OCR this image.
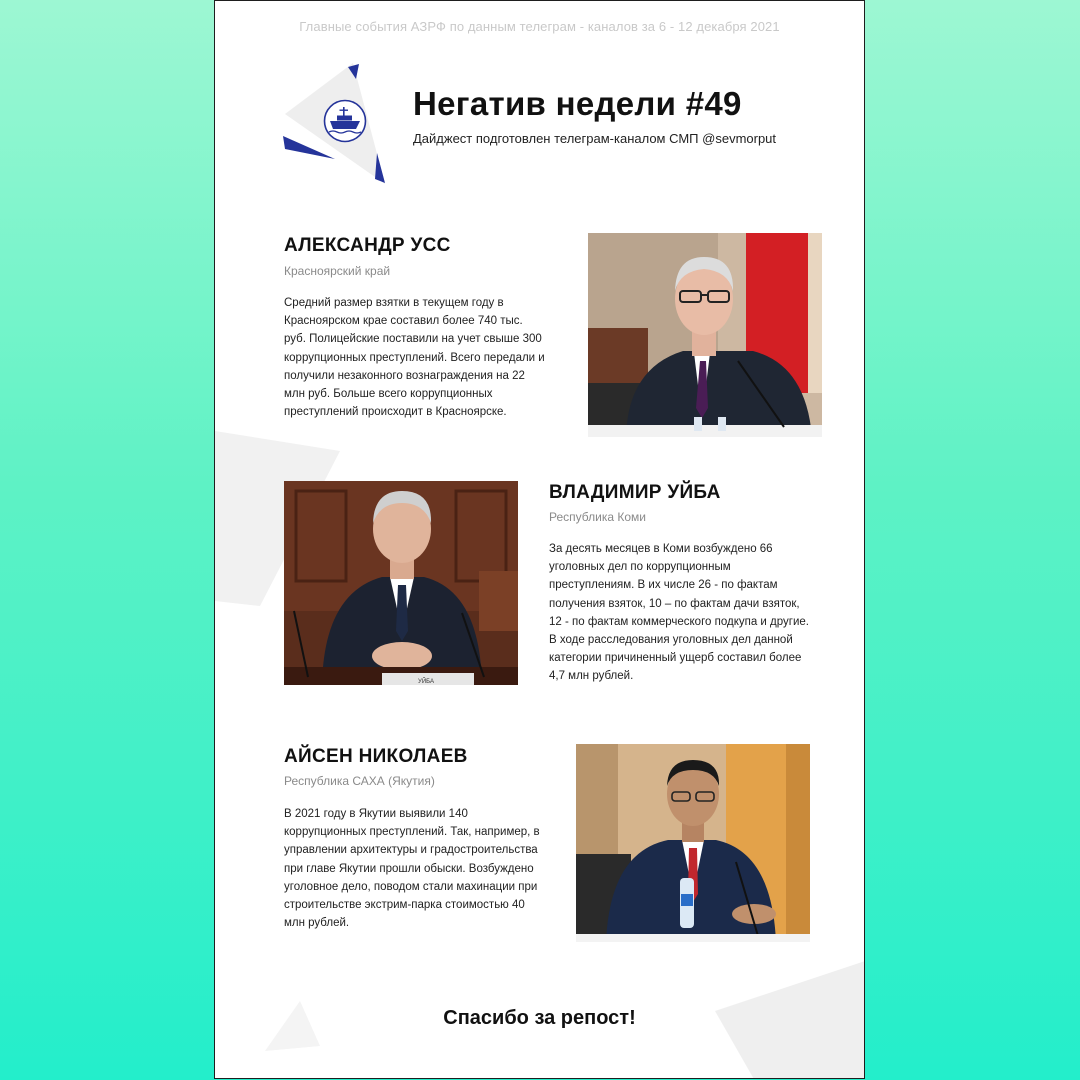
Главные события АЗРФ по данным телеграм - каналов за 6 - 12 декабря 2021
Негатив недели #49
Дайджест подготовлен телеграм-каналом СМП @sevmorput
АЛЕКСАНДР УСС
Красноярский край
Средний размер взятки в текущем году в Красноярском крае составил более 740 тыс. руб. Полицейские поставили на учет свыше 300 коррупционных преступлений. Всего передали и получили незаконного вознаграждения на 22 млн руб. Больше всего коррупционных преступлений происходит в Красноярске.
УЙБА
ВЛАДИМИР УЙБА
Республика Коми
За десять месяцев в Коми возбуждено 66 уголовных дел по коррупционным преступлениям. В их числе 26 - по фактам получения взяток, 10 – по фактам дачи взяток, 12 - по фактам коммерческого подкупа и другие. В ходе расследования уголовных дел данной категории причиненный ущерб составил более 4,7 млн рублей.
АЙСЕН НИКОЛАЕВ
Республика САХА (Якутия)
В 2021 году в Якутии выявили 140 коррупционных преступлений. Так, например, в управлении архитектуры и градостроительства при главе Якутии прошли обыски. Возбуждено уголовное дело, поводом стали махинации при строительстве экстрим-парка стоимостью 40 млн рублей.
Спасибо за репост!
